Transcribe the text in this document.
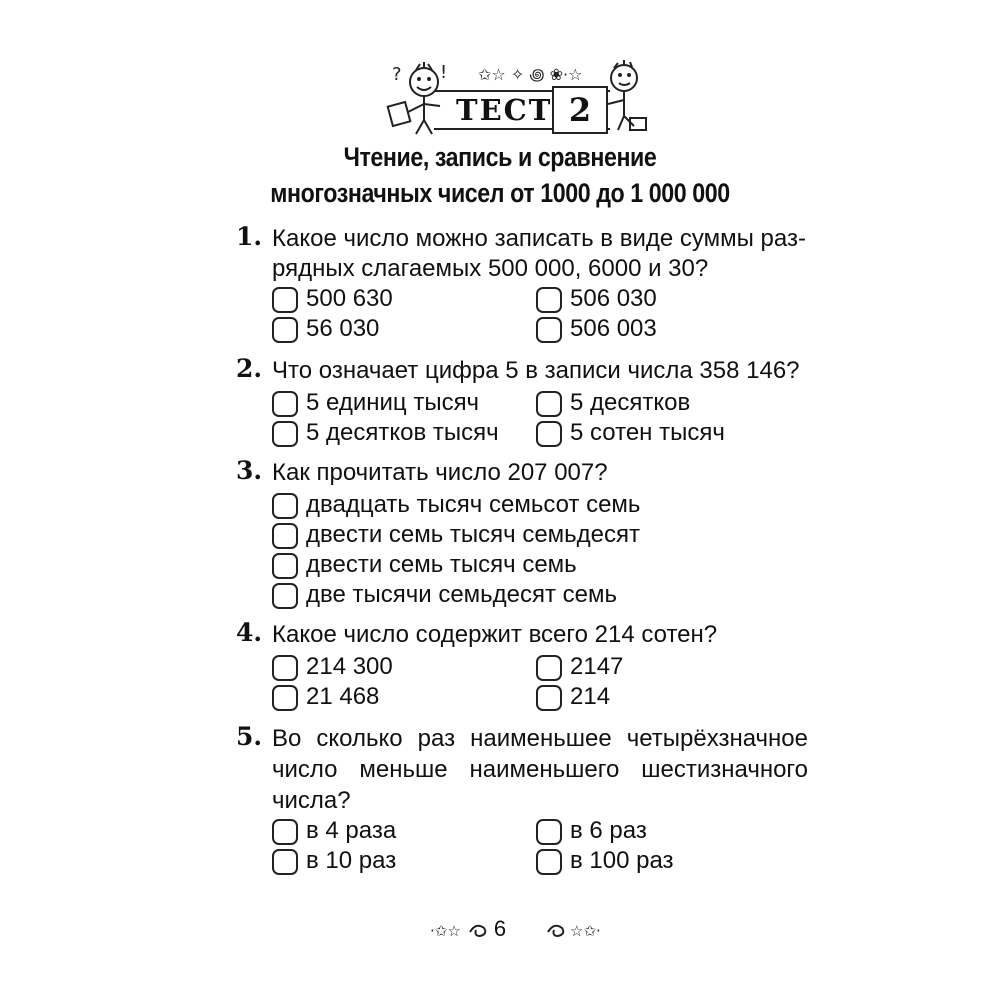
? ! ✩☆ ✧ ꩜ ❀·☆
ТЕСТ 2
Чтение, запись и сравнение
многозначных чисел от 1000 до 1 000 000
1. Какое число можно записать в виде суммы раз-
рядных слагаемых 500 000, 6000 и 30?
500 630	506 030
56 030	506 003
2. Что означает цифра 5 в записи числа 358 146?
5 единиц тысяч	5 десятков
5 десятков тысяч	5 сотен тысяч
3. Как прочитать число 207 007?
двадцать тысяч семьсот семь
двести семь тысяч семьдесят
двести семь тысяч семь
две тысячи семьдесят семь
4. Какое число содержит всего 214 сотен?
214 300	2147
21 468	214
5. Во сколько раз наименьшее четырёхзначное
число меньше наименьшего шестизначного
числа?
в 4 раза	в 6 раз
в 10 раз	в 100 раз
·✩☆	6	☆✩·
